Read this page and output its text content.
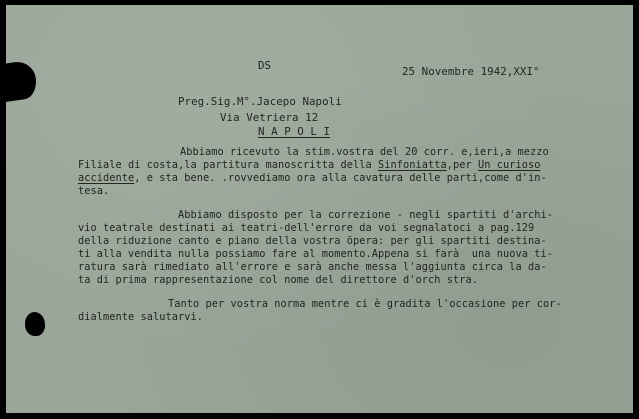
DS	25 Novembre 1942,XXI°

Preg.Sig.M°.Jacepo Napoli

Via Vetriera 12

N A P O L I

Abbiamo ricevuto la stim.vostra del 20 corr. e,ieri,a mezzo

Filiale di costa,la partitura manoscritta della Sinfoniatta,per Un curioso

accidente, e sta bene. .rovvediamo ora alla cavatura delle parti,come d'in-

tesa.

Abbiamo disposto per la correzione - negli spartiti d'archi-

vio teatrale destinati ai teatri-dell'errore da voi segnalatoci a pag.129

della riduzione canto e piano della vostra öpera: per gli spartiti destina-

ti alla vendita nulla possiamo fare al momento.Appena si farà  una nuova ti-

ratura sarà rimediato all'errore e sarà anche messa l'aggiunta circa la da-

ta di prima rappresentazione col nome del direttore d'orch stra.

Tanto per vostra norma mentre ci è gradita l'occasione per cor-

dialmente salutarvi.
